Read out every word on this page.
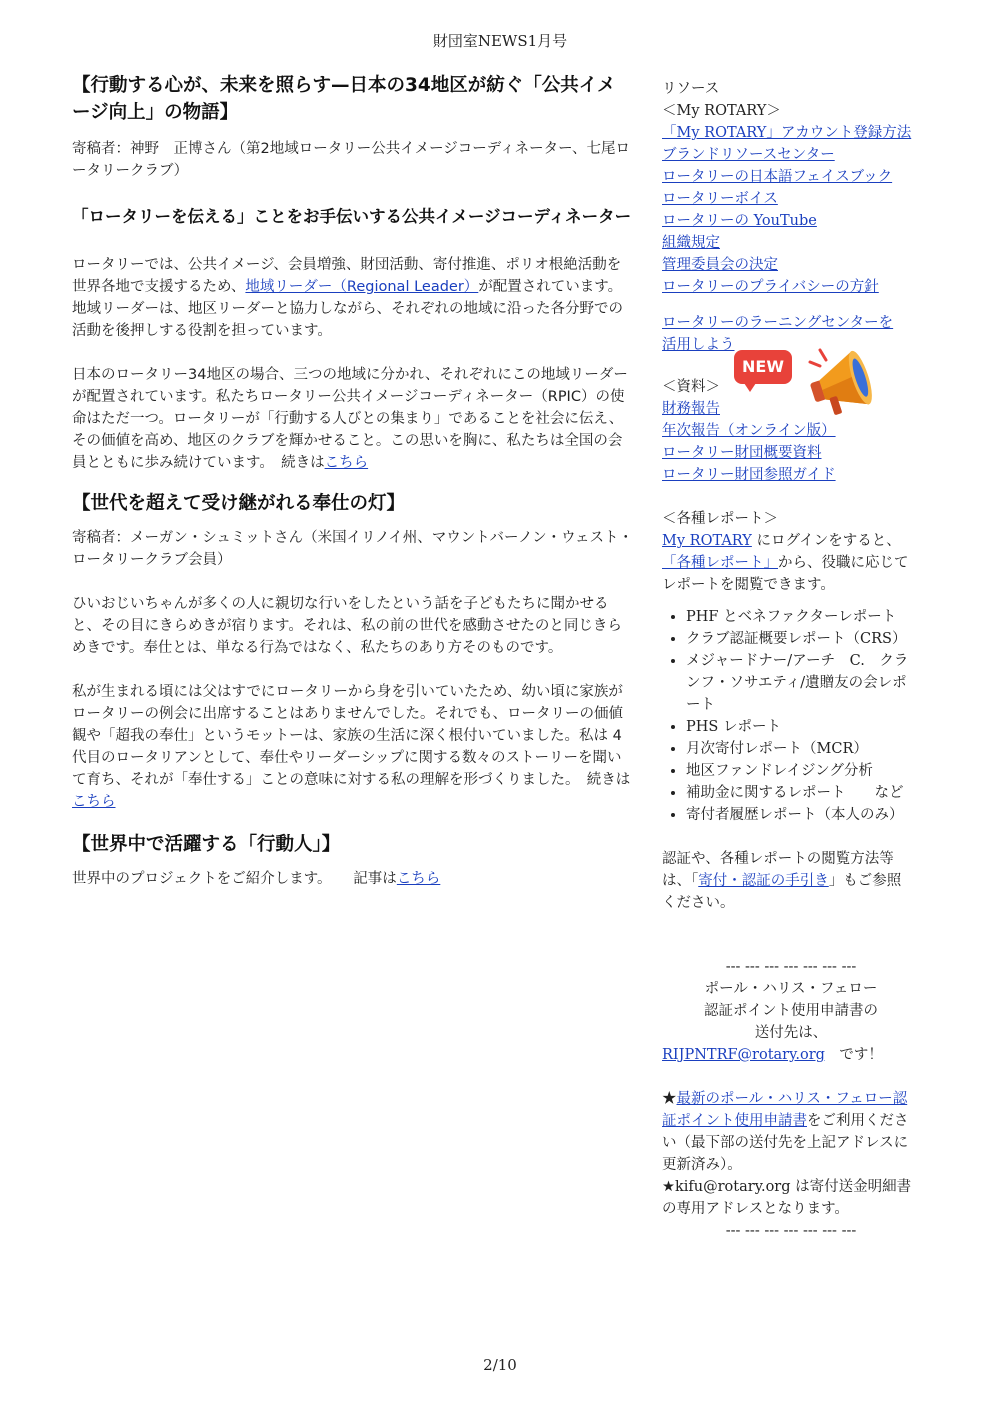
財団室NEWS1月号
【行動する心が、未来を照らす—日本の34地区が紡ぐ「公共イメージ向上」の物語】

寄稿者：神野　正博さん（第2地域ロータリー公共イメージコーディネーター、七尾ロータリークラブ）

「ロータリーを伝える」ことをお手伝いする公共イメージコーディネーター

ロータリーでは、公共イメージ、会員増強、財団活動、寄付推進、ポリオ根絶活動を世界各地で支援するため、地域リーダー（Regional Leader）が配置されています。地域リーダーは、地区リーダーと協力しながら、それぞれの地域に沿った各分野での活動を後押しする役割を担っています。

日本のロータリー34地区の場合、三つの地域に分かれ、それぞれにこの地域リーダーが配置されています。私たちロータリー公共イメージコーディネーター（RPIC）の使命はただ一つ。ロータリーが「行動する人びとの集まり」であることを社会に伝え、その価値を高め、地区のクラブを輝かせること。この思いを胸に、私たちは全国の会員とともに歩み続けています。　続きはこちら

【世代を超えて受け継がれる奉仕の灯】

寄稿者：メーガン・シュミットさん（米国イリノイ州、マウントバーノン・ウェスト・ロータリークラブ会員）

ひいおじいちゃんが多くの人に親切な行いをしたという話を子どもたちに聞かせると、その目にきらめきが宿ります。それは、私の前の世代を感動させたのと同じきらめきです。奉仕とは、単なる行為ではなく、私たちのあり方そのものです。

私が生まれる頃には父はすでにロータリーから身を引いていたため、幼い頃に家族がロータリーの例会に出席することはありませんでした。それでも、ロータリーの価値観や「超我の奉仕」というモットーは、家族の生活に深く根付いていました。私は 4 代目のロータリアンとして、奉仕やリーダーシップに関する数々のストーリーを聞いて育ち、それが「奉仕する」ことの意味に対する私の理解を形づくりました。　続きはこちら

【世界中で活躍する「行動人」】

世界中のプロジェクトをご紹介します。　　記事はこちら

リソース
＜My ROTARY＞
「My ROTARY」アカウント登録方法
ブランドリソースセンター
ロータリーの日本語フェイスブック
ロータリーボイス
ロータリーの YouTube
組織規定
管理委員会の決定
ロータリーのプライバシーの方針
ロータリーのラーニングセンターを活用しよう
＜資料＞
NEW
財務報告
年次報告（オンライン版）
ロータリー財団概要資料
ロータリー財団参照ガイド
＜各種レポート＞
My ROTARY にログインをすると、「各種レポート」から、役職に応じてレポートを閲覧できます。
• PHF とベネファクターレポート
• クラブ認証概要レポート（CRS）
• メジャードナー/アーチ　C.　クランフ・ソサエティ/遺贈友の会レポート
• PHS レポート
• 月次寄付レポート（MCR）
• 地区ファンドレイジング分析
• 補助金に関するレポート　　など
• 寄付者履歴レポート（本人のみ）
認証や、各種レポートの閲覧方法等は、「寄付・認証の手引き」もご参照ください。
--- --- --- --- --- --- ---
ポール・ハリス・フェロー
認証ポイント使用申請書の
送付先は、
RIJPNTRF@rotary.org　です！
★最新のポール・ハリス・フェロー認証ポイント使用申請書をご利用ください（最下部の送付先を上記アドレスに更新済み）。
★kifu@rotary.org は寄付送金明細書の専用アドレスとなります。
--- --- --- --- --- --- ---
2/10
